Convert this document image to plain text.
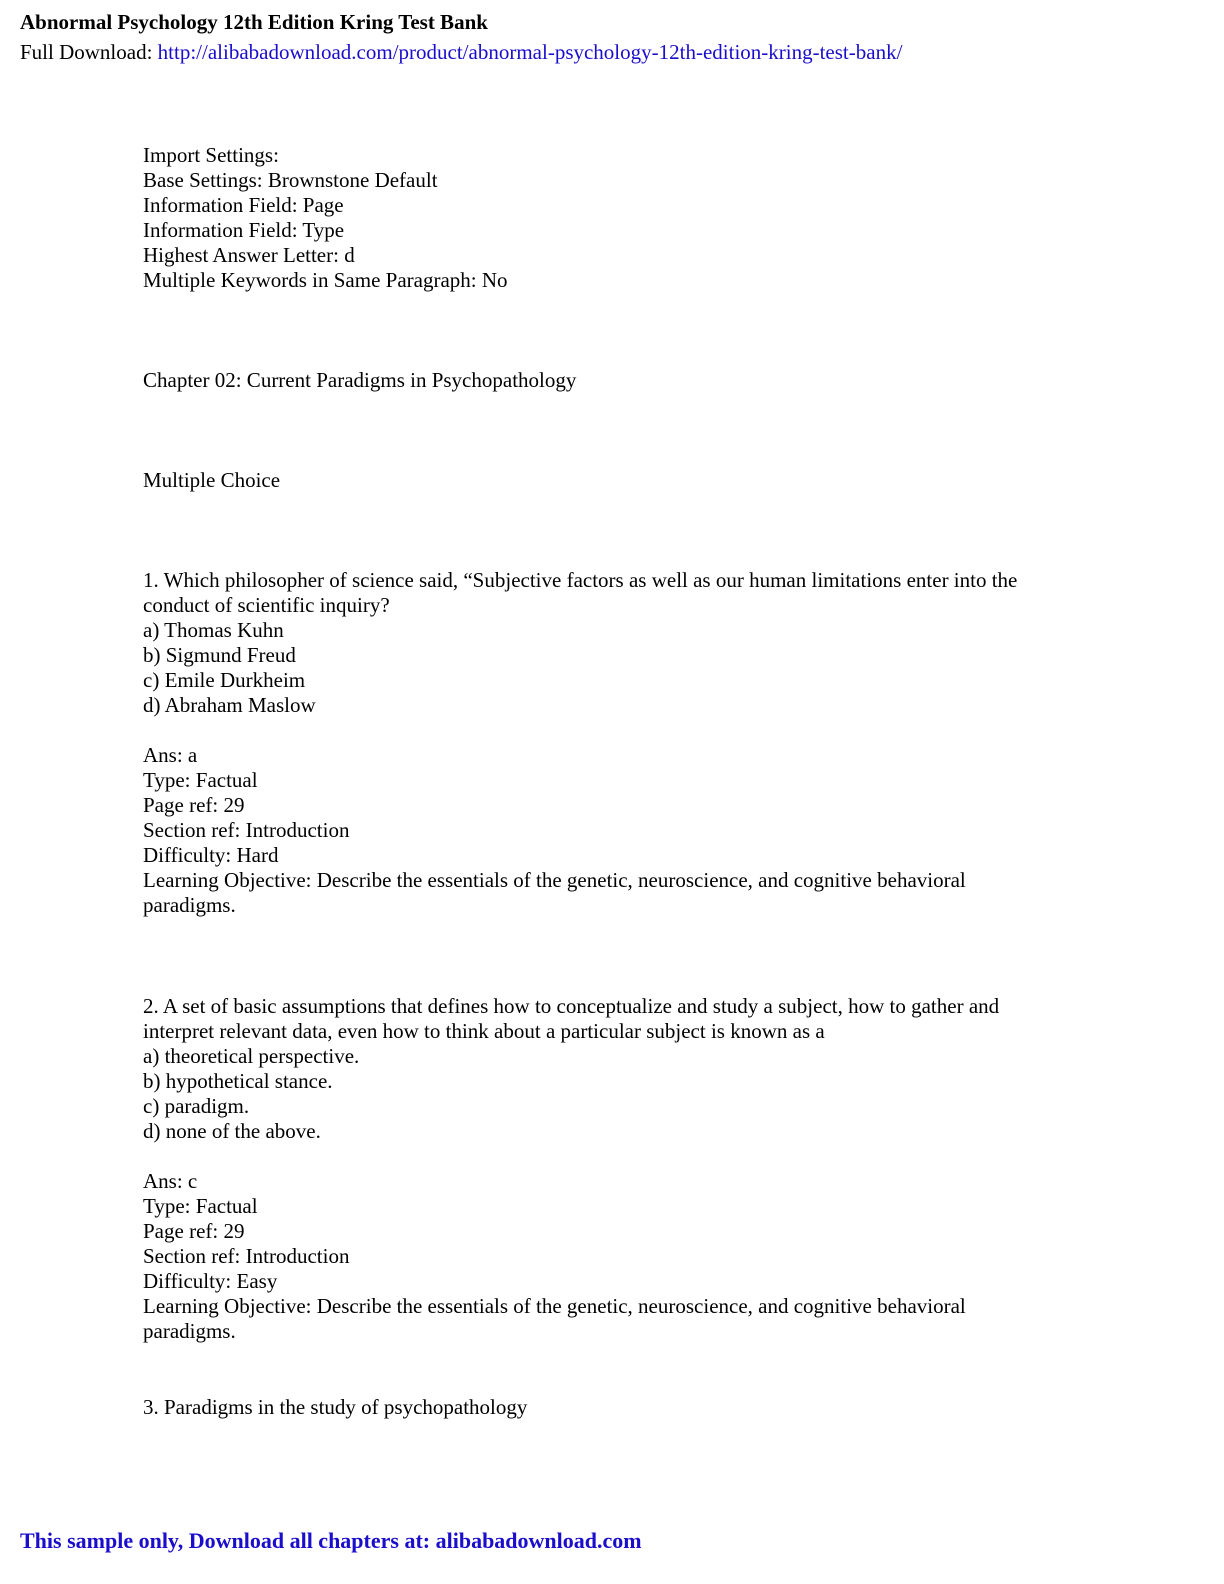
Abnormal Psychology 12th Edition Kring Test Bank
Full Download: http://alibabadownload.com/product/abnormal-psychology-12th-edition-kring-test-bank/
Import Settings:
Base Settings: Brownstone Default
Information Field: Page
Information Field: Type
Highest Answer Letter: d
Multiple Keywords in Same Paragraph: No
Chapter 02: Current Paradigms in Psychopathology
Multiple Choice
1. Which philosopher of science said, “Subjective factors as well as our human limitations enter into the
conduct of scientific inquiry?
a) Thomas Kuhn
b) Sigmund Freud
c) Emile Durkheim
d) Abraham Maslow
Ans: a
Type: Factual
Page ref: 29
Section ref: Introduction
Difficulty: Hard
Learning Objective: Describe the essentials of the genetic, neuroscience, and cognitive behavioral
paradigms.
2. A set of basic assumptions that defines how to conceptualize and study a subject, how to gather and
interpret relevant data, even how to think about a particular subject is known as a
a) theoretical perspective.
b) hypothetical stance.
c) paradigm.
d) none of the above.
Ans: c
Type: Factual
Page ref: 29
Section ref: Introduction
Difficulty: Easy
Learning Objective: Describe the essentials of the genetic, neuroscience, and cognitive behavioral
paradigms.
3. Paradigms in the study of psychopathology
This sample only, Download all chapters at: alibabadownload.com
